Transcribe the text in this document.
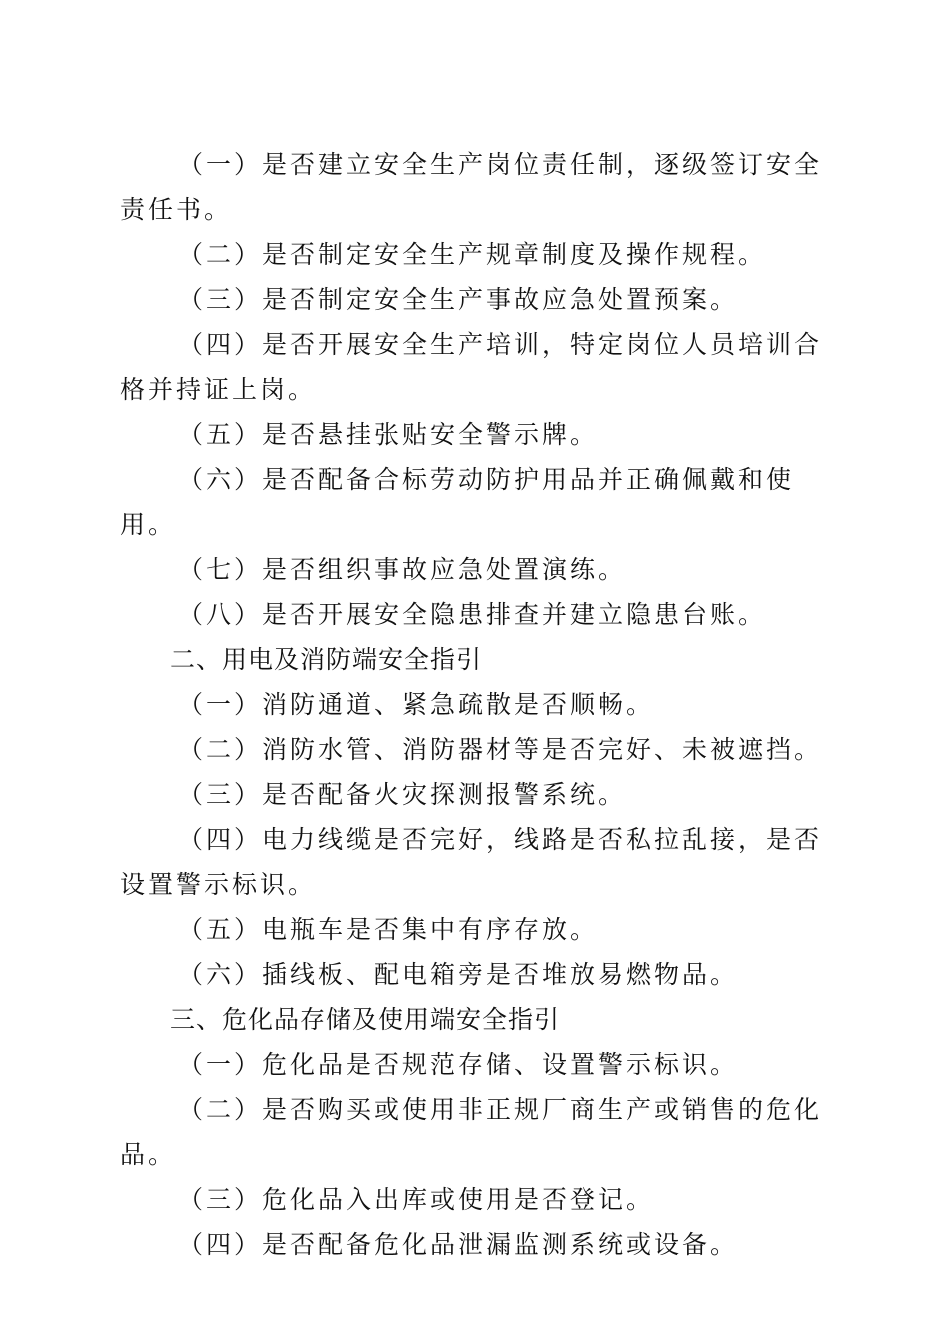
（一）是否建立安全生产岗位责任制，逐级签订安全责任书。

（二）是否制定安全生产规章制度及操作规程。

（三）是否制定安全生产事故应急处置预案。

（四）是否开展安全生产培训，特定岗位人员培训合格并持证上岗。

（五）是否悬挂张贴安全警示牌。

（六）是否配备合标劳动防护用品并正确佩戴和使用。

（七）是否组织事故应急处置演练。

（八）是否开展安全隐患排查并建立隐患台账。

二、用电及消防端安全指引

（一）消防通道、紧急疏散是否顺畅。

（二）消防水管、消防器材等是否完好、未被遮挡。

（三）是否配备火灾探测报警系统。

（四）电力线缆是否完好，线路是否私拉乱接，是否设置警示标识。

（五）电瓶车是否集中有序存放。

（六）插线板、配电箱旁是否堆放易燃物品。

三、危化品存储及使用端安全指引

（一）危化品是否规范存储、设置警示标识。

（二）是否购买或使用非正规厂商生产或销售的危化品。

（三）危化品入出库或使用是否登记。

（四）是否配备危化品泄漏监测系统或设备。
